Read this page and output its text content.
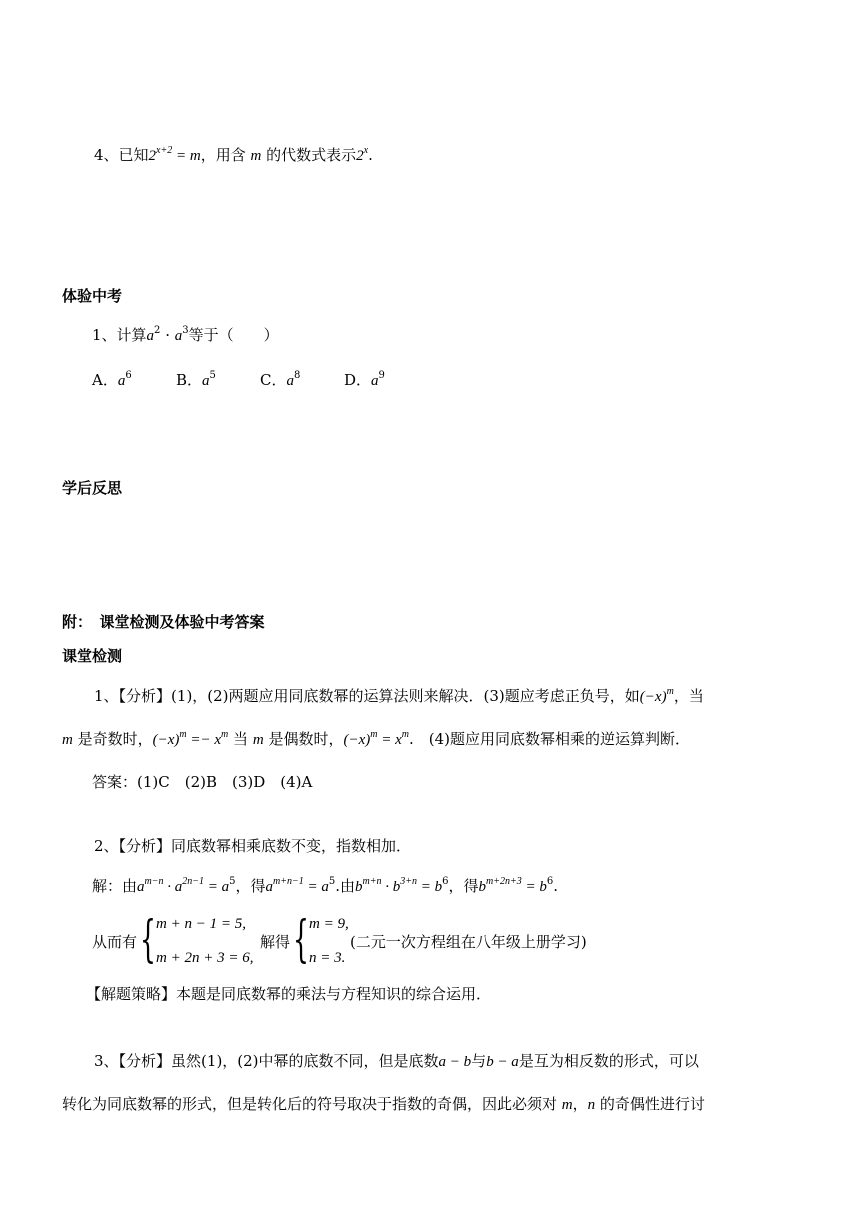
4、已知$2^{x+2} = m$，用含 m 的代数式表示2$^x$.
体验中考
1、计算$a^2 \cdot a^3$等于（　　）
A．$a^6$	B．$a^5$	C．$a^8$	D．$a^9$
学后反思
附：　课堂检测及体验中考答案
课堂检测
1、【分析】(1)，(2)两题应用同底数幂的运算法则来解决．(3)题应考虑正负号，如$(-x)^m$，当
m 是奇数时，$(-x)^m =- x^m$ 当 m 是偶数时，$(-x)^m = x^m$.　(4)题应用同底数幂相乘的逆运算判断．
答案：(1)C　(2)B　(3)D　(4)A
2、【分析】同底数幂相乘底数不变，指数相加．
解：由$a^{m-n} \cdot a^{2n-1} = a^5$，得$a^{m+n-1} = a^5$.由$b^{m+n} \cdot b^{3+n} = b^6$，得$b^{m+2n+3} = b^6$.
从而有 { m + n − 1 = 5,
m + 2n + 3 = 6,
解得 { m = 9,
n = 3.
(二元一次方程组在八年级上册学习)
【解题策略】本题是同底数幂的乘法与方程知识的综合运用．
3、【分析】虽然(1)，(2)中幂的底数不同，但是底数a − b与b − a是互为相反数的形式，可以
转化为同底数幂的形式，但是转化后的符号取决于指数的奇偶，因此必须对 m，n 的奇偶性进行讨
